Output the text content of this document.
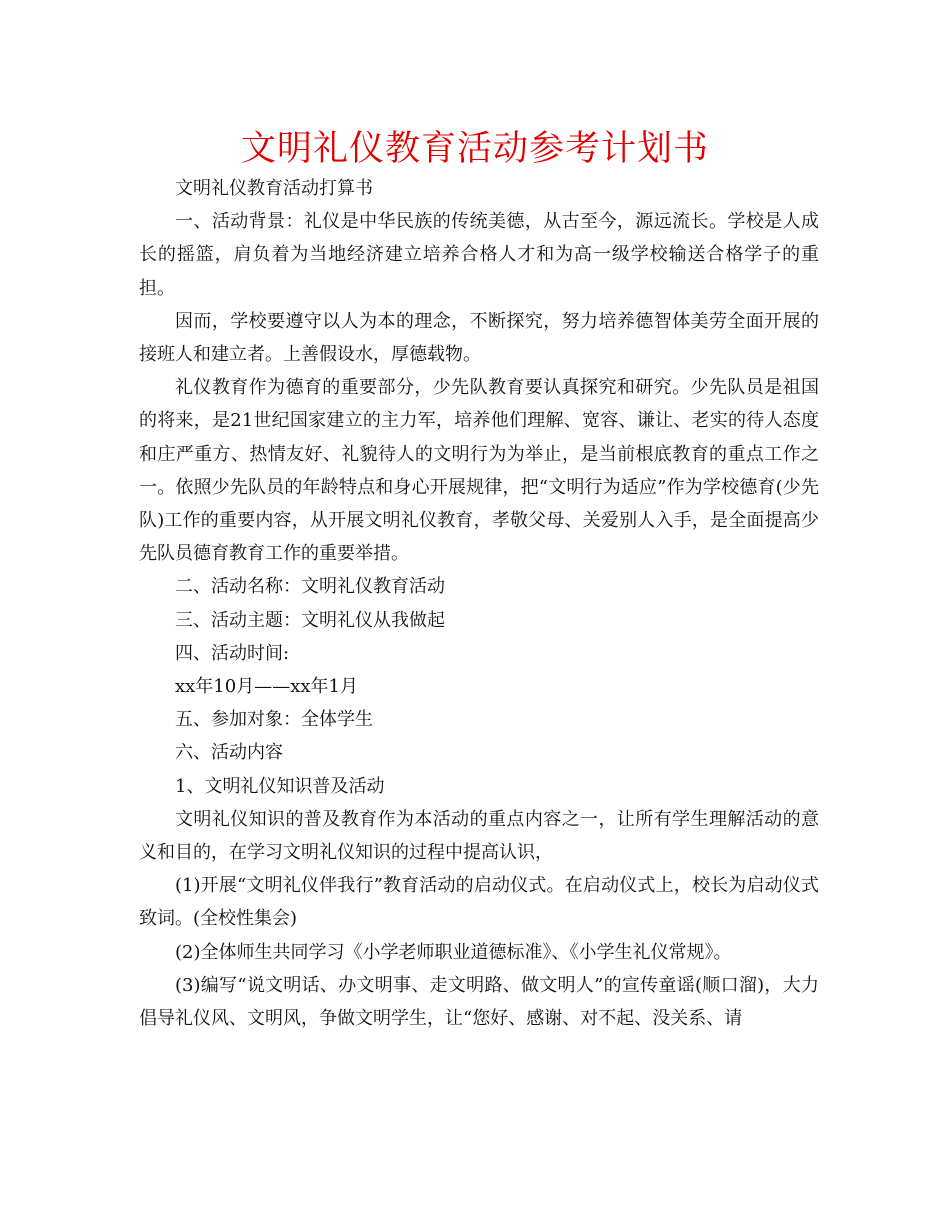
文明礼仪教育活动参考计划书

文明礼仪教育活动打算书

一、活动背景：礼仪是中华民族的传统美德，从古至今，源远流长。学校是人成长的摇篮，肩负着为当地经济建立培养合格人才和为高一级学校输送合格学子的重担。

因而，学校要遵守以人为本的理念，不断探究，努力培养德智体美劳全面开展的接班人和建立者。上善假设水，厚德载物。

礼仪教育作为德育的重要部分，少先队教育要认真探究和研究。少先队员是祖国的将来，是21世纪国家建立的主力军，培养他们理解、宽容、谦让、老实的待人态度和庄严重方、热情友好、礼貌待人的文明行为为举止，是当前根底教育的重点工作之一。依照少先队员的年龄特点和身心开展规律，把“文明行为适应”作为学校德育(少先队)工作的重要内容，从开展文明礼仪教育，孝敬父母、关爱别人入手，是全面提高少先队员德育教育工作的重要举措。

二、活动名称：文明礼仪教育活动

三、活动主题：文明礼仪从我做起

四、活动时间:

xx年10月——xx年1月

五、参加对象：全体学生

六、活动内容

1、文明礼仪知识普及活动

文明礼仪知识的普及教育作为本活动的重点内容之一，让所有学生理解活动的意义和目的，在学习文明礼仪知识的过程中提高认识，

(1)开展“文明礼仪伴我行”教育活动的启动仪式。在启动仪式上，校长为启动仪式致词。(全校性集会)

(2)全体师生共同学习《小学老师职业道德标准》、《小学生礼仪常规》。

(3)编写“说文明话、办文明事、走文明路、做文明人”的宣传童谣(顺口溜)，大力倡导礼仪风、文明风，争做文明学生，让“您好、感谢、对不起、没关系、请
